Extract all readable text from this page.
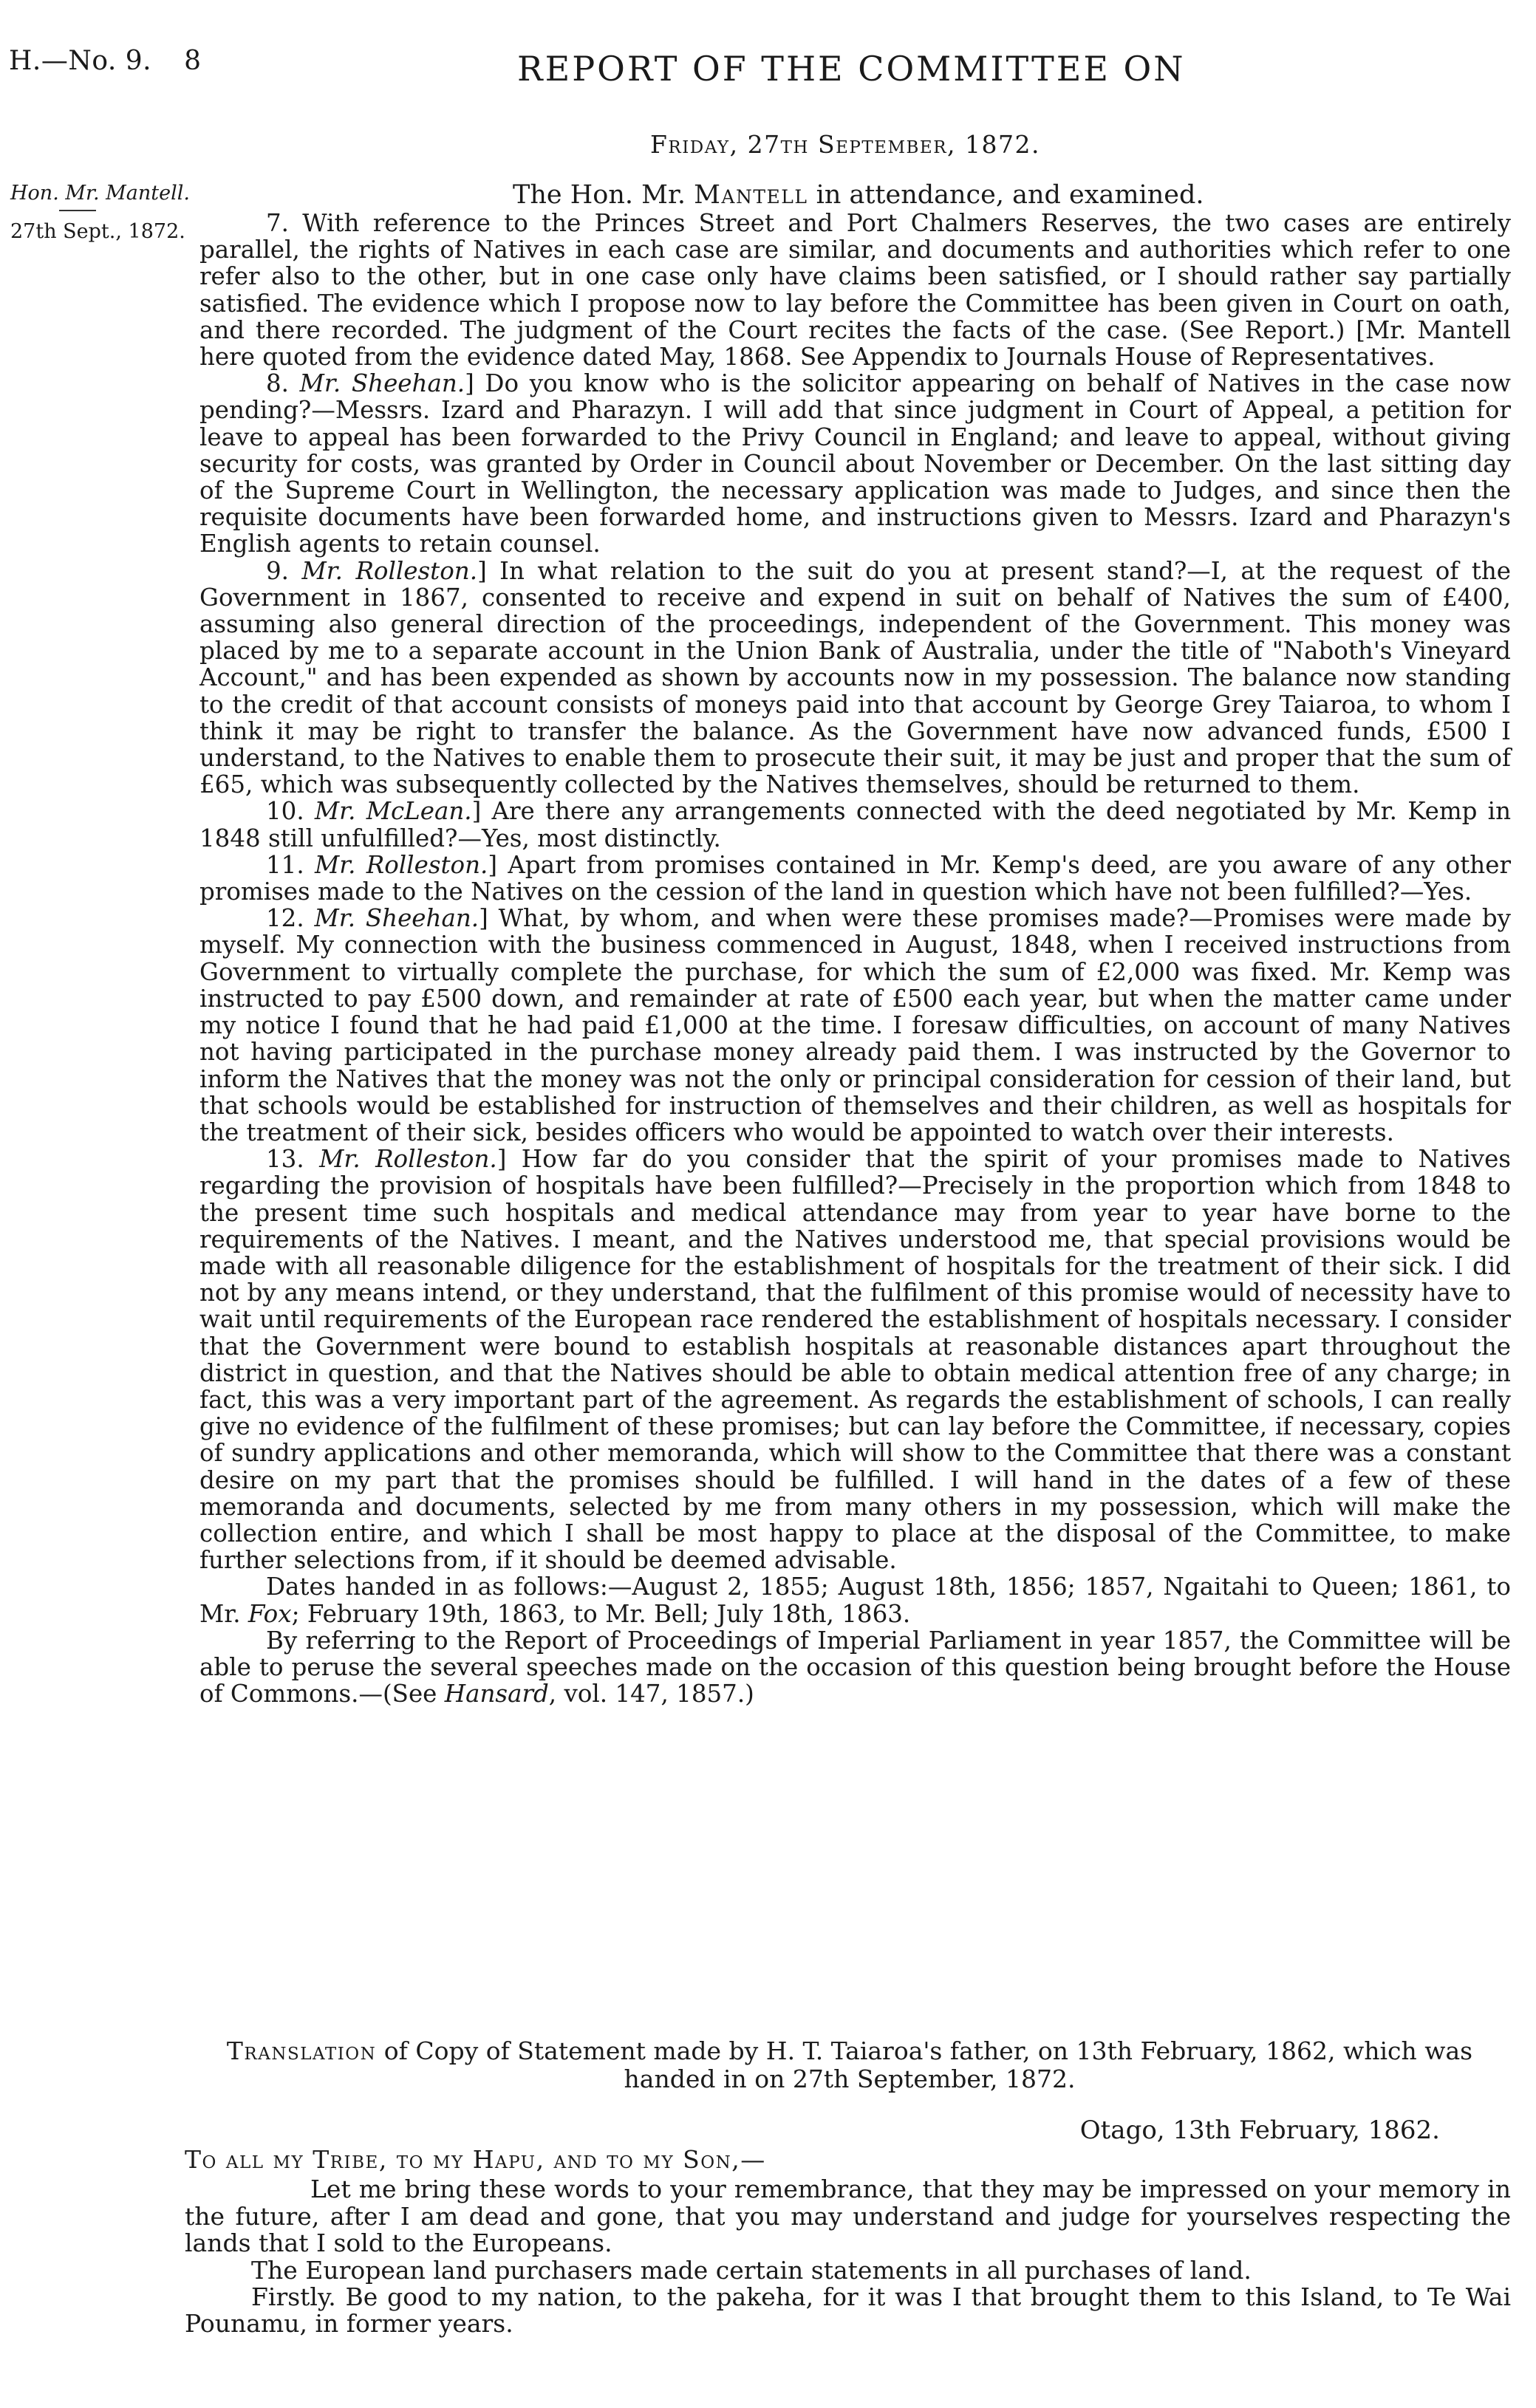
H.—No. 9. 8	REPORT OF THE COMMITTEE ON
Friday, 27th September, 1872.
Hon. Mr. Mantell.
27th Sept., 1872.
The Hon. Mr. Mantell in attendance, and examined.

7. With reference to the Princes Street and Port Chalmers Reserves, the two cases are entirely parallel, the rights of Natives in each case are similar, and documents and authorities which refer to one refer also to the other, but in one case only have claims been satisfied, or I should rather say partially satisfied. The evidence which I propose now to lay before the Committee has been given in Court on oath, and there recorded. The judgment of the Court recites the facts of the case. (See Report.) [Mr. Mantell here quoted from the evidence dated May, 1868. See Appendix to Journals House of Representatives.

8. Mr. Sheehan.] Do you know who is the solicitor appearing on behalf of Natives in the case now pending?—Messrs. Izard and Pharazyn. I will add that since judgment in Court of Appeal, a petition for leave to appeal has been forwarded to the Privy Council in England; and leave to appeal, without giving security for costs, was granted by Order in Council about November or December. On the last sitting day of the Supreme Court in Wellington, the necessary application was made to Judges, and since then the requisite documents have been forwarded home, and instructions given to Messrs. Izard and Pharazyn's English agents to retain counsel.

9. Mr. Rolleston.] In what relation to the suit do you at present stand?—I, at the request of the Government in 1867, consented to receive and expend in suit on behalf of Natives the sum of £400, assuming also general direction of the proceedings, independent of the Government. This money was placed by me to a separate account in the Union Bank of Australia, under the title of "Naboth's Vineyard Account," and has been expended as shown by accounts now in my possession. The balance now standing to the credit of that account consists of moneys paid into that account by George Grey Taiaroa, to whom I think it may be right to transfer the balance. As the Government have now advanced funds, £500 I understand, to the Natives to enable them to prosecute their suit, it may be just and proper that the sum of £65, which was subsequently collected by the Natives themselves, should be returned to them.

10. Mr. McLean.] Are there any arrangements connected with the deed negotiated by Mr. Kemp in 1848 still unfulfilled?—Yes, most distinctly.

11. Mr. Rolleston.] Apart from promises contained in Mr. Kemp's deed, are you aware of any other promises made to the Natives on the cession of the land in question which have not been fulfilled?—Yes.

12. Mr. Sheehan.] What, by whom, and when were these promises made?—Promises were made by myself. My connection with the business commenced in August, 1848, when I received instructions from Government to virtually complete the purchase, for which the sum of £2,000 was fixed. Mr. Kemp was instructed to pay £500 down, and remainder at rate of £500 each year, but when the matter came under my notice I found that he had paid £1,000 at the time. I foresaw difficulties, on account of many Natives not having participated in the purchase money already paid them. I was instructed by the Governor to inform the Natives that the money was not the only or principal consideration for cession of their land, but that schools would be established for instruction of themselves and their children, as well as hospitals for the treatment of their sick, besides officers who would be appointed to watch over their interests.

13. Mr. Rolleston.] How far do you consider that the spirit of your promises made to Natives regarding the provision of hospitals have been fulfilled?—Precisely in the proportion which from 1848 to the present time such hospitals and medical attendance may from year to year have borne to the requirements of the Natives. I meant, and the Natives understood me, that special provisions would be made with all reasonable diligence for the establishment of hospitals for the treatment of their sick. I did not by any means intend, or they understand, that the fulfilment of this promise would of necessity have to wait until requirements of the European race rendered the establishment of hospitals necessary. I consider that the Government were bound to establish hospitals at reasonable distances apart throughout the district in question, and that the Natives should be able to obtain medical attention free of any charge; in fact, this was a very important part of the agreement. As regards the establishment of schools, I can really give no evidence of the fulfilment of these promises; but can lay before the Committee, if necessary, copies of sundry applications and other memoranda, which will show to the Committee that there was a constant desire on my part that the promises should be fulfilled. I will hand in the dates of a few of these memoranda and documents, selected by me from many others in my possession, which will make the collection entire, and which I shall be most happy to place at the disposal of the Committee, to make further selections from, if it should be deemed advisable.

Dates handed in as follows:—August 2, 1855; August 18th, 1856; 1857, Ngaitahi to Queen; 1861, to Mr. Fox; February 19th, 1863, to Mr. Bell; July 18th, 1863.

By referring to the Report of Proceedings of Imperial Parliament in year 1857, the Committee will be able to peruse the several speeches made on the occasion of this question being brought before the House of Commons.—(See Hansard, vol. 147, 1857.)

Translation of Copy of Statement made by H. T. Taiaroa's father, on 13th February, 1862, which was handed in on 27th September, 1872.
Otago, 13th February, 1862.

To all my Tribe, to my Hapu, and to my Son,—

Let me bring these words to your remembrance, that they may be impressed on your memory in the future, after I am dead and gone, that you may understand and judge for yourselves respecting the lands that I sold to the Europeans.

The European land purchasers made certain statements in all purchases of land.

Firstly. Be good to my nation, to the pakeha, for it was I that brought them to this Island, to Te Wai Pounamu, in former years.
